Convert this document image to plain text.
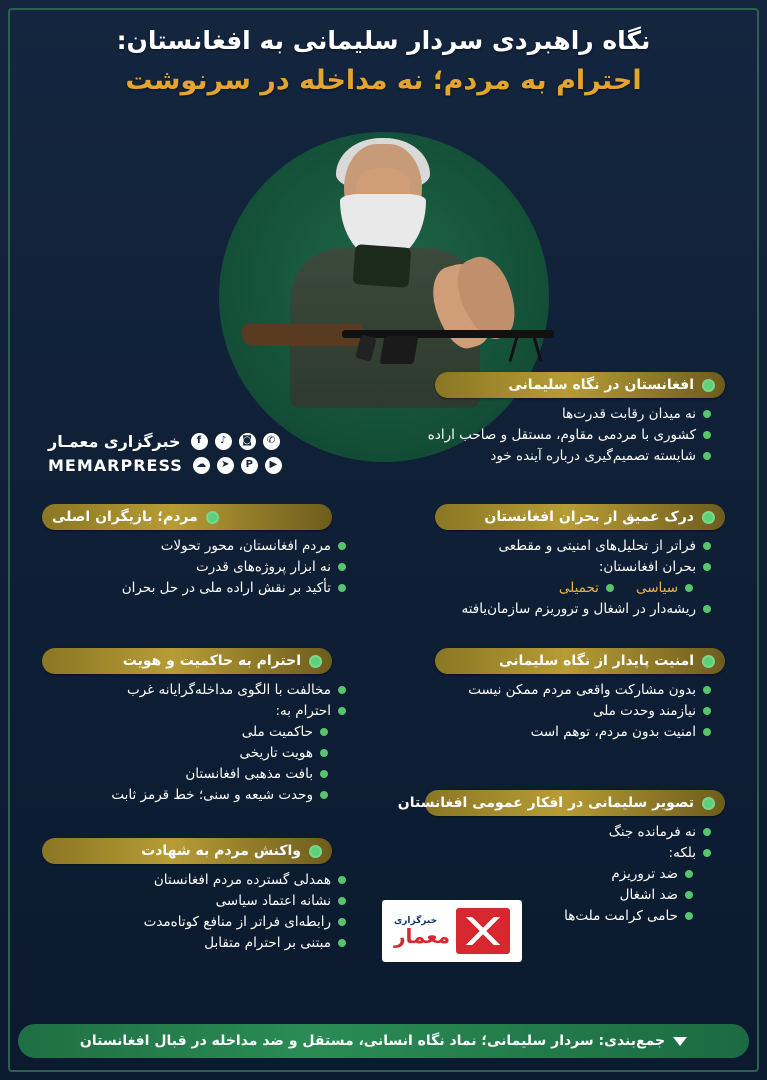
نگاه راهبردی سردار سلیمانی به افغانستان:
احترام به مردم؛ نه مداخله در سرنوشت
افغانستان در نگاه سلیمانی
نه میدان رقابت قدرت‌ها
کشوری با مردمی مقاوم، مستقل و صاحب اراده
شایسته تصمیم‌گیری درباره آینده خود
✆
◙
♪
f
خبرگزاری معمـار
▶
P
➤
☁
MEMARPRESS
درک عمیق از بحران افغانستان
فراتر از تحلیل‌های امنیتی و مقطعی
بحران افغانستان:
سیاسی
تحمیلی
ریشه‌دار در اشغال و تروریزم سازمان‌یافته
مردم؛ بازیگران اصلی
مردم افغانستان، محور تحولات
نه ابزار پروژه‌های قدرت
تأکید بر نقش اراده ملی در حل بحران
امنیت پایدار از نگاه سلیمانی
بدون مشارکت واقعی مردم ممکن نیست
نیازمند وحدت ملی
امنیت بدون مردم، توهم است
احترام به حاکمیت و هویت
مخالفت با الگوی مداخله‌گرایانه غرب
احترام به:
حاکمیت ملی
هویت تاریخی
بافت مذهبی افغانستان
وحدت شیعه و سنی؛ خط قرمز ثابت
تصویر سلیمانی در افکار عمومی افغانستان
نه فرمانده جنگ
بلکه:
ضد تروریزم
ضد اشغال
حامی کرامت ملت‌ها
واکنش مردم به شهادت
همدلی گسترده مردم افغانستان
نشانه اعتماد سیاسی
رابطه‌ای فراتر از منافع کوتاه‌مدت
مبتنی بر احترام متقابل
خبرگزاری
معمار
جمع‌بندی: سردار سلیمانی؛ نماد نگاه انسانی، مستقل و ضد مداخله در قبال افغانستان
